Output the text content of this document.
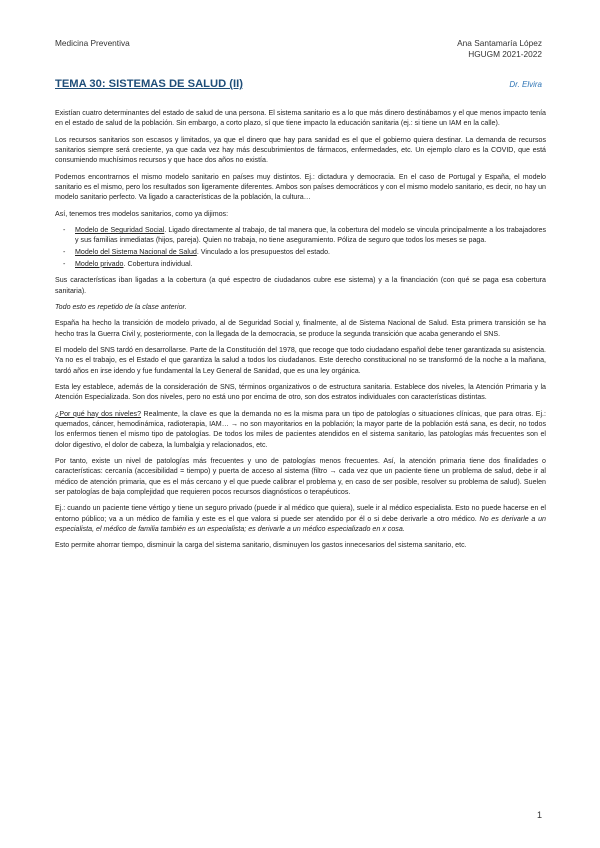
Medicina Preventiva	Ana Santamaría López
HGUGM 2021-2022
TEMA 30: SISTEMAS DE SALUD (II)	Dr. Elvira

Existían cuatro determinantes del estado de salud de una persona. El sistema sanitario es a lo que más dinero destinábamos y el que menos impacto tenía en el estado de salud de la población. Sin embargo, a corto plazo, sí que tiene impacto la educación sanitaria (ej.: si tiene un IAM en la calle).

Los recursos sanitarios son escasos y limitados, ya que el dinero que hay para sanidad es el que el gobierno quiera destinar. La demanda de recursos sanitarios siempre será creciente, ya que cada vez hay más descubrimientos de fármacos, enfermedades, etc. Un ejemplo claro es la COVID, que está consumiendo muchísimos recursos y que hace dos años no existía.

Podemos encontrarnos el mismo modelo sanitario en países muy distintos. Ej.: dictadura y democracia. En el caso de Portugal y España, el modelo sanitario es el mismo, pero los resultados son ligeramente diferentes. Ambos son países democráticos y con el mismo modelo sanitario, es decir, no hay un modelo sanitario perfecto. Va ligado a características de la población, la cultura…

Así, tenemos tres modelos sanitarios, como ya dijimos:

- Modelo de Seguridad Social. Ligado directamente al trabajo, de tal manera que, la cobertura del modelo se vincula principalmente a los trabajadores y sus familias inmediatas (hijos, pareja). Quien no trabaja, no tiene aseguramiento. Póliza de seguro que todos los meses se paga.
- Modelo del Sistema Nacional de Salud. Vinculado a los presupuestos del estado.
- Modelo privado. Cobertura individual.

Sus características iban ligadas a la cobertura (a qué espectro de ciudadanos cubre ese sistema) y a la financiación (con qué se paga esa cobertura sanitaria).

Todo esto es repetido de la clase anterior.

España ha hecho la transición de modelo privado, al de Seguridad Social y, finalmente, al de Sistema Nacional de Salud. Esta primera transición se ha hecho tras la Guerra Civil y, posteriormente, con la llegada de la democracia, se produce la segunda transición que acaba generando el SNS.

El modelo del SNS tardó en desarrollarse. Parte de la Constitución del 1978, que recoge que todo ciudadano español debe tener garantizada su asistencia. Ya no es el trabajo, es el Estado el que garantiza la salud a todos los ciudadanos. Este derecho constitucional no se transformó de la noche a la mañana, tardó años en irse idendo y fue fundamental la Ley General de Sanidad, que es una ley orgánica.

Esta ley establece, además de la consideración de SNS, términos organizativos o de estructura sanitaria. Establece dos niveles, la Atención Primaria y la Atención Especializada. Son dos niveles, pero no está uno por encima de otro, son dos estratos individuales con características distintas.

¿Por qué hay dos niveles? Realmente, la clave es que la demanda no es la misma para un tipo de patologías o situaciones clínicas, que para otras. Ej.: quemados, cáncer, hemodinámica, radioterapia, IAM… → no son mayoritarios en la población; la mayor parte de la población está sana, es decir, no todos los enfermos tienen el mismo tipo de patologías. De todos los miles de pacientes atendidos en el sistema sanitario, las patologías más frecuentes son el dolor digestivo, el dolor de cabeza, la lumbalgia y relacionados, etc.

Por tanto, existe un nivel de patologías más frecuentes y uno de patologías menos frecuentes. Así, la atención primaria tiene dos finalidades o características: cercanía (accesibilidad = tiempo) y puerta de acceso al sistema (filtro → cada vez que un paciente tiene un problema de salud, debe ir al médico de atención primaria, que es el más cercano y el que puede calibrar el problema y, en caso de ser posible, resolver su problema de salud). Suelen ser patologías de baja complejidad que requieren pocos recursos diagnósticos o terapéuticos.

Ej.: cuando un paciente tiene vértigo y tiene un seguro privado (puede ir al médico que quiera), suele ir al médico especialista. Esto no puede hacerse en el entorno público; va a un médico de familia y este es el que valora si puede ser atendido por él o si debe derivarle a otro médico. No es derivarle a un especialista, el médico de familia también es un especialista; es derivarle a un médico especializado en x cosa.

Esto permite ahorrar tiempo, disminuir la carga del sistema sanitario, disminuyen los gastos innecesarios del sistema sanitario, etc.

1
